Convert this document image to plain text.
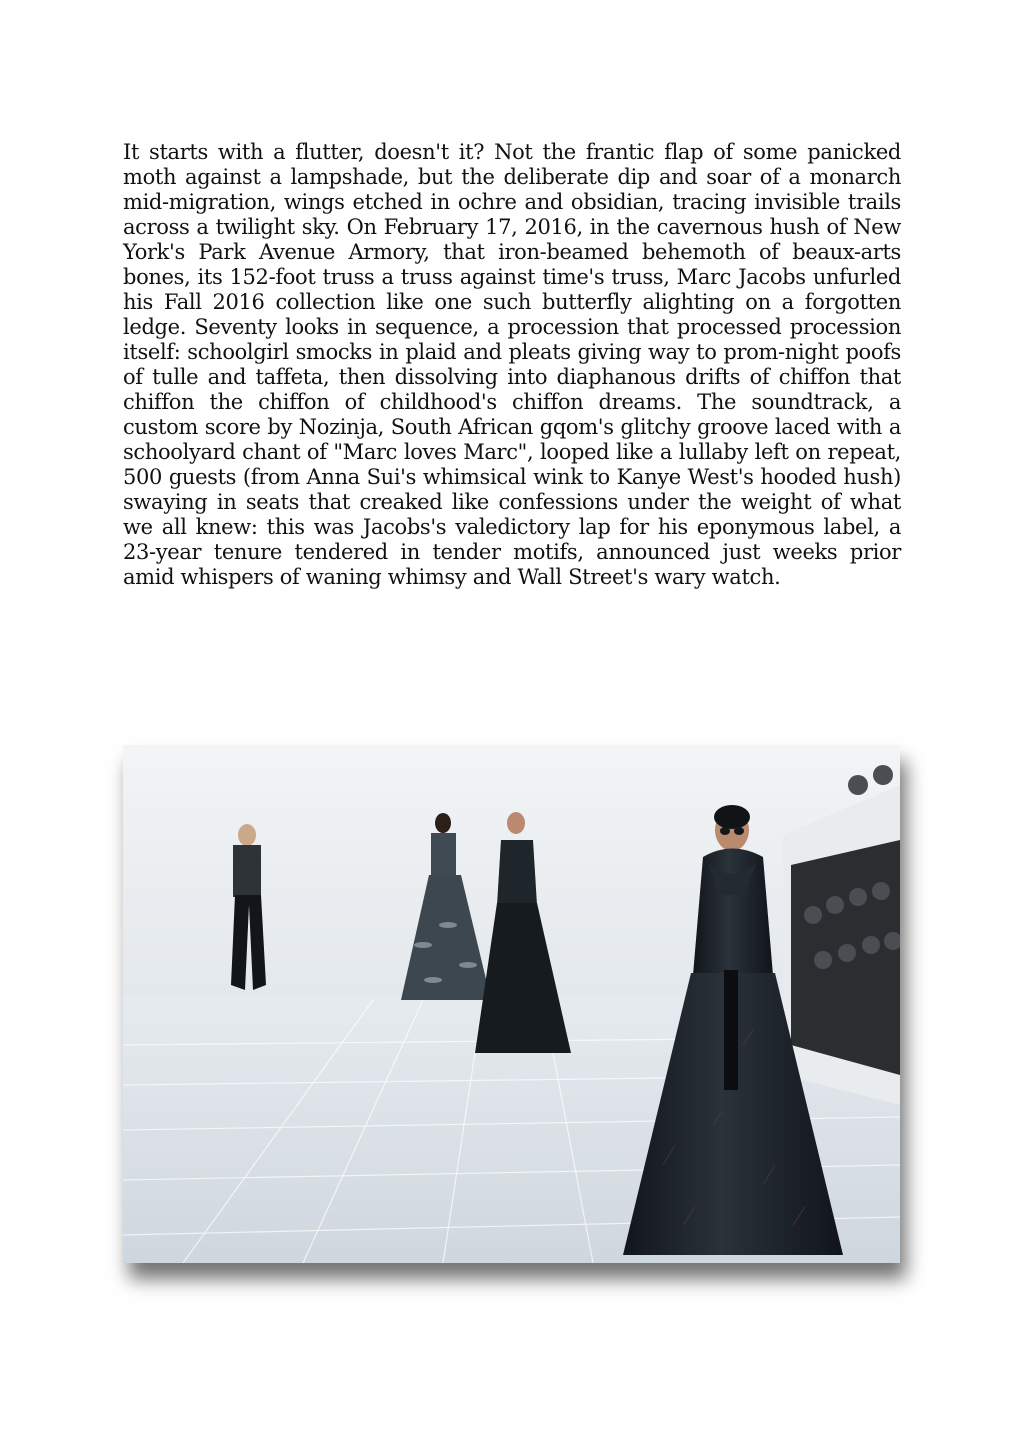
It starts with a flutter, doesn't it? Not the frantic flap of some panicked moth against a lampshade, but the deliberate dip and soar of a monarch mid-migration, wings etched in ochre and obsidian, tracing invisible trails across a twilight sky. On February 17, 2016, in the cavernous hush of New York's Park Avenue Armory, that iron-beamed behemoth of beaux-arts bones, its 152-foot truss a truss against time's truss, Marc Jacobs unfurled his Fall 2016 collection like one such butterfly alighting on a forgotten ledge. Seventy looks in sequence, a procession that processed procession itself: schoolgirl smocks in plaid and pleats giving way to prom-night poofs of tulle and taffeta, then dissolving into diaphanous drifts of chiffon that chiffon the chiffon of childhood's chiffon dreams. The soundtrack, a custom score by Nozinja, South African gqom's glitchy groove laced with a schoolyard chant of "Marc loves Marc", looped like a lullaby left on repeat, 500 guests (from Anna Sui's whimsical wink to Kanye West's hooded hush) swaying in seats that creaked like confessions under the weight of what we all knew: this was Jacobs's valedictory lap for his eponymous label, a 23-year tenure tendered in tender motifs, announced just weeks prior amid whispers of waning whimsy and Wall Street's wary watch.
